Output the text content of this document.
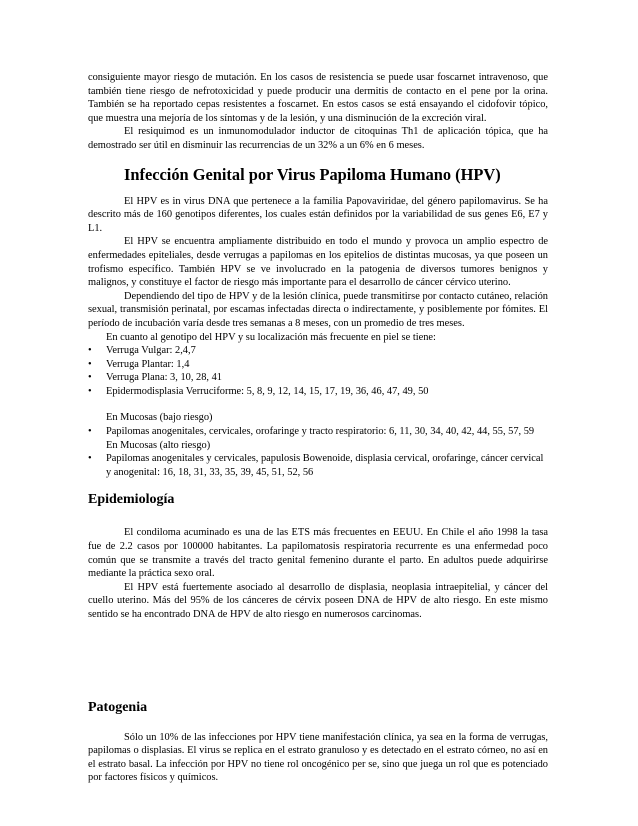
consiguiente mayor riesgo de mutación. En los casos de resistencia se puede usar foscarnet intravenoso, que también tiene riesgo de nefrotoxicidad y puede producir una dermitis de contacto en el pene por la orina. También se ha reportado cepas resistentes a foscarnet. En estos casos se está ensayando el cidofovir tópico, que muestra una mejoría de los síntomas y de la lesión, y una disminución de la excreción viral.

El resiquimod es un inmunomodulador inductor de citoquinas Th1 de aplicación tópica, que ha demostrado ser útil en disminuir las recurrencias de un 32% a un 6% en 6 meses.

Infección Genital por Virus Papiloma Humano (HPV)

El HPV es in virus DNA que pertenece a la familia Papovaviridae, del género papilomavirus. Se ha descrito más de 160 genotipos diferentes, los cuales están definidos por la variabilidad de sus genes E6, E7 y L1.

El HPV se encuentra ampliamente distribuido en todo el mundo y provoca un amplio espectro de enfermedades epiteliales, desde verrugas a papilomas en los epitelios de distintas mucosas, ya que poseen un trofismo específico. También HPV se ve involucrado en la patogenia de diversos tumores benignos y malignos, y constituye el factor de riesgo más importante para el desarrollo de cáncer cérvico uterino.

Dependiendo del tipo de HPV y de la lesión clínica, puede transmitirse por contacto cutáneo, relación sexual, transmisión perinatal, por escamas infectadas directa o indirectamente, y posiblemente por fómites. El período de incubación varía desde tres semanas a 8 meses, con un promedio de tres meses.

En cuanto al genotipo del HPV y su localización más frecuente en piel se tiene:

• Verruga Vulgar: 2,4,7
• Verruga Plantar: 1,4
• Verruga Plana: 3, 10, 28, 41
• Epidermodisplasia Verruciforme: 5, 8, 9, 12, 14, 15, 17, 19, 36, 46, 47, 49, 50
En Mucosas (bajo riesgo)
• Papilomas anogenitales, cervicales, orofaringe y tracto respiratorio: 6, 11, 30, 34, 40, 42, 44, 55, 57, 59
En Mucosas (alto riesgo)
• Papilomas anogenitales y cervicales, papulosis Bowenoide, displasia cervical, orofaringe, cáncer cervical y anogenital: 16, 18, 31, 33, 35, 39, 45, 51, 52, 56
Epidemiología

El condiloma acuminado es una de las ETS más frecuentes en EEUU. En Chile el año 1998 la tasa fue de 2.2 casos por 100000 habitantes. La papilomatosis respiratoria recurrente es una enfermedad poco común que se transmite a través del tracto genital femenino durante el parto. En adultos puede adquirirse mediante la práctica sexo oral.

El HPV está fuertemente asociado al desarrollo de displasia, neoplasia intraepitelial, y cáncer del cuello uterino. Más del 95% de los cánceres de cérvix poseen DNA de HPV de alto riesgo. En este mismo sentido se ha encontrado DNA de HPV de alto riesgo en numerosos carcinomas.

Patogenia

Sólo un 10% de las infecciones por HPV tiene manifestación clínica, ya sea en la forma de verrugas, papilomas o displasias. El virus se replica en el estrato granuloso y es detectado en el estrato córneo, no así en el estrato basal. La infección por HPV no tiene rol oncogénico per se, sino que juega un rol que es potenciado por factores físicos y químicos.
